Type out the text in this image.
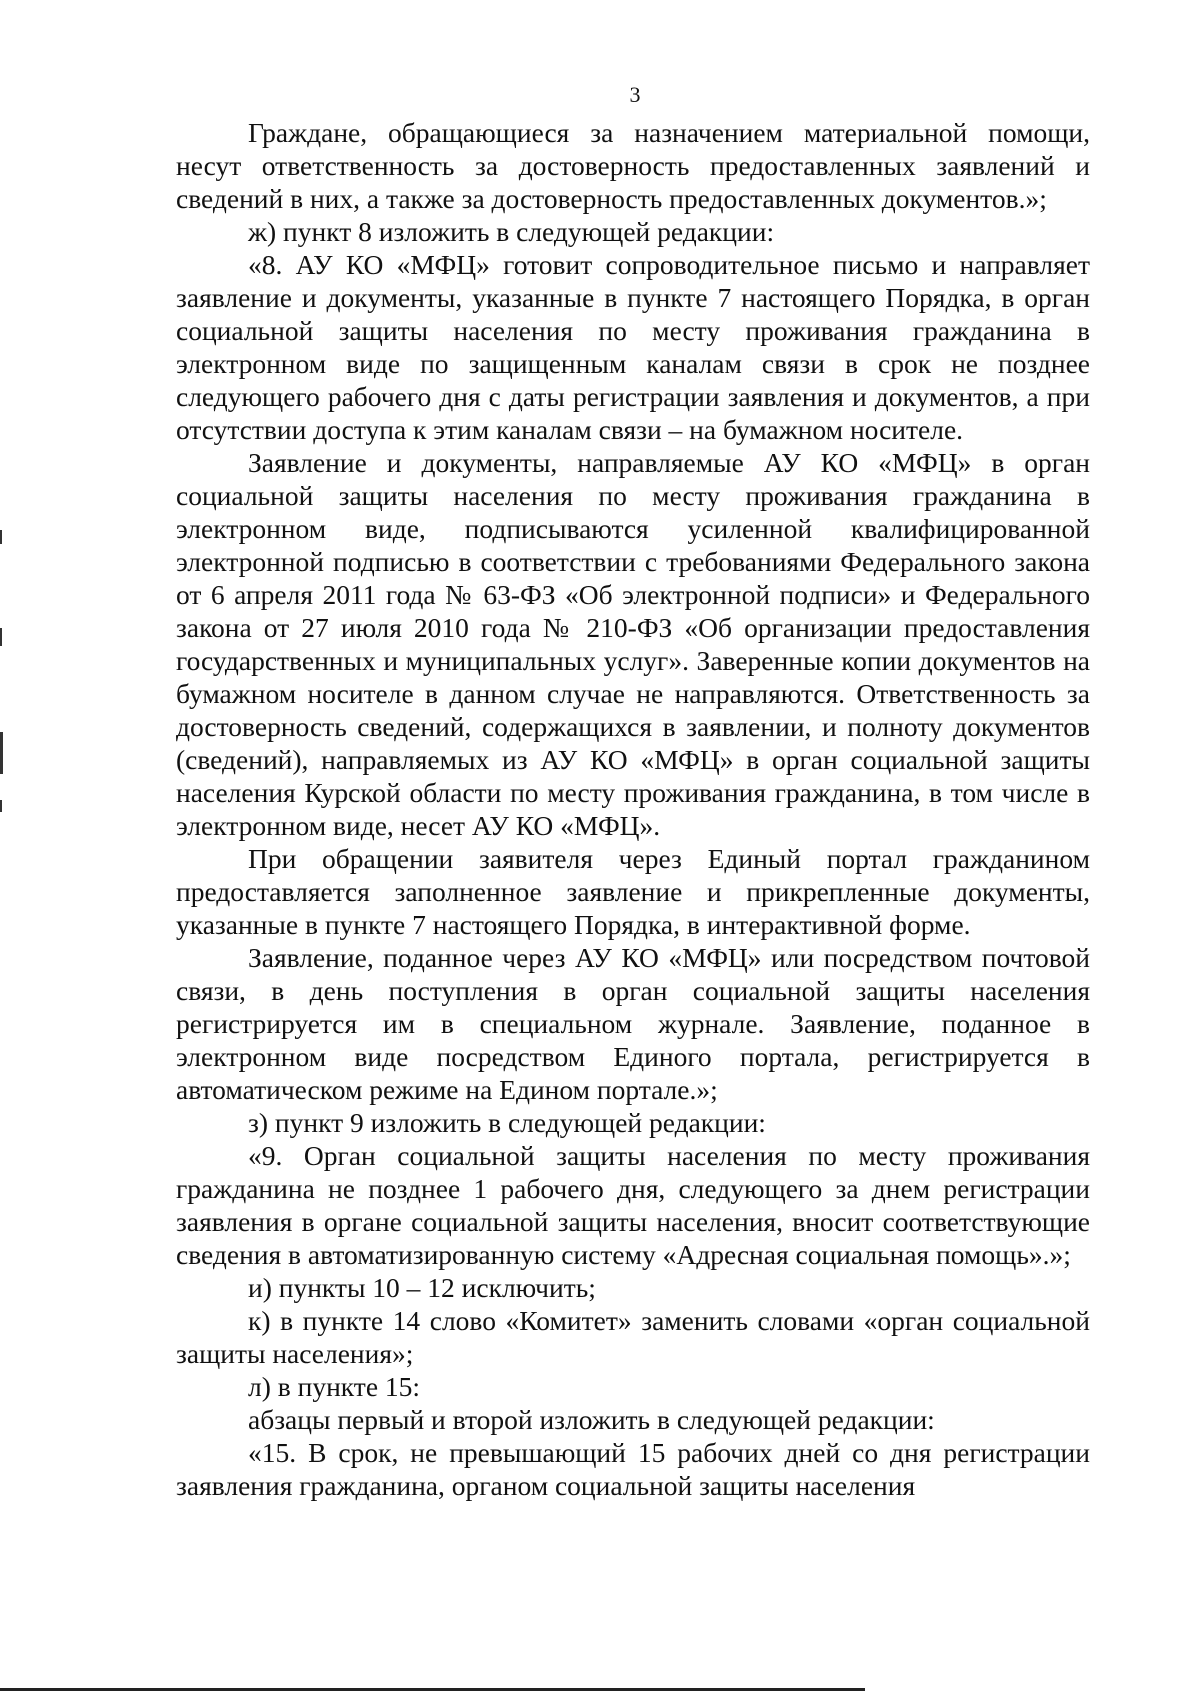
3

Граждане, обращающиеся за назначением материальной помощи, несут ответственность за достоверность предоставленных заявлений и сведений в них, а также за достоверность предоставленных документов.»;

ж) пункт 8 изложить в следующей редакции:

«8. АУ КО «МФЦ» готовит сопроводительное письмо и направляет заявление и документы, указанные в пункте 7 настоящего Порядка, в орган социальной защиты населения по месту проживания гражданина в электронном виде по защищенным каналам связи в срок не позднее следующего рабочего дня с даты регистрации заявления и документов, а при отсутствии доступа к этим каналам связи – на бумажном носителе.

Заявление и документы, направляемые АУ КО «МФЦ» в орган социальной защиты населения по месту проживания гражданина в электронном виде, подписываются усиленной квалифицированной электронной подписью в соответствии с требованиями Федерального закона от 6 апреля 2011 года № 63-ФЗ «Об электронной подписи» и Федерального закона от 27 июля 2010 года № 210-ФЗ «Об организации предоставления государственных и муниципальных услуг». Заверенные копии документов на бумажном носителе в данном случае не направляются. Ответственность за достоверность сведений, содержащихся в заявлении, и полноту документов (сведений), направляемых из АУ КО «МФЦ» в орган социальной защиты населения Курской области по месту проживания гражданина, в том числе в электронном виде, несет АУ КО «МФЦ».

При обращении заявителя через Единый портал гражданином предоставляется заполненное заявление и прикрепленные документы, указанные в пункте 7 настоящего Порядка, в интерактивной форме.

Заявление, поданное через АУ КО «МФЦ» или посредством почтовой связи, в день поступления в орган социальной защиты населения регистрируется им в специальном журнале. Заявление, поданное в электронном виде посредством Единого портала, регистрируется в автоматическом режиме на Едином портале.»;

з) пункт 9 изложить в следующей редакции:

«9. Орган социальной защиты населения по месту проживания гражданина не позднее 1 рабочего дня, следующего за днем регистрации заявления в органе социальной защиты населения, вносит соответствующие сведения в автоматизированную систему «Адресная социальная помощь».»;

и) пункты 10 – 12 исключить;

к) в пункте 14 слово «Комитет» заменить словами «орган социальной защиты населения»;

л) в пункте 15:

абзацы первый и второй изложить в следующей редакции:

«15. В срок, не превышающий 15 рабочих дней со дня регистрации заявления гражданина, органом социальной защиты населения
